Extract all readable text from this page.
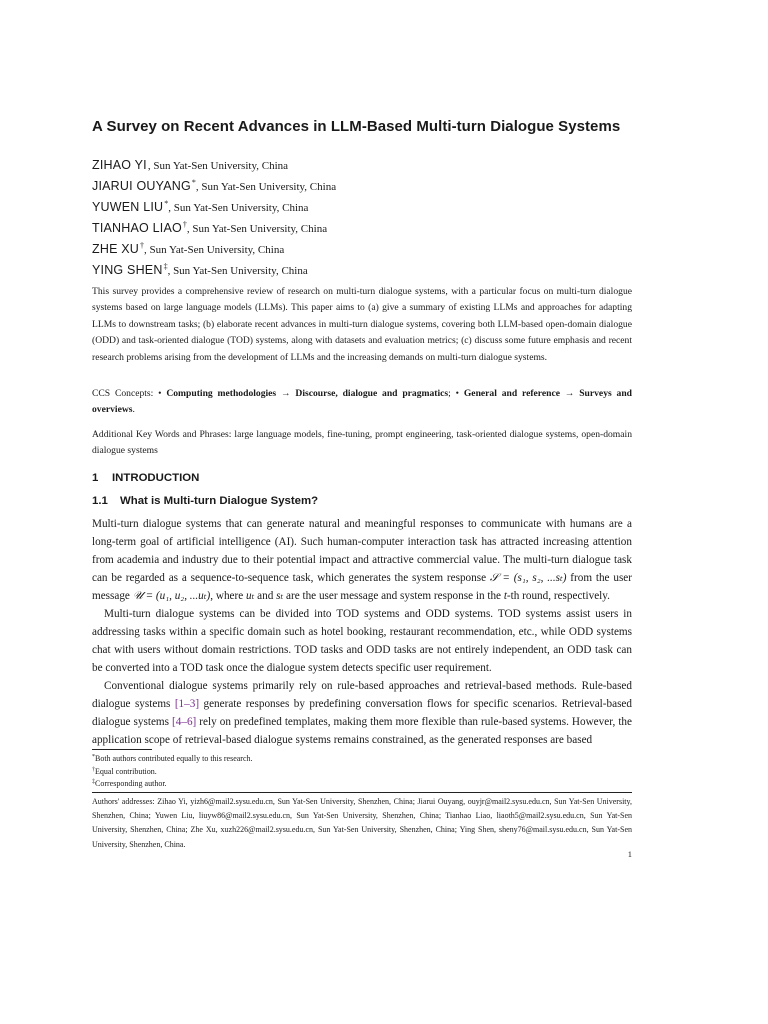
A Survey on Recent Advances in LLM-Based Multi-turn Dialogue Systems
ZIHAO YI, Sun Yat-Sen University, China
JIARUI OUYANG*, Sun Yat-Sen University, China
YUWEN LIU*, Sun Yat-Sen University, China
TIANHAO LIAO†, Sun Yat-Sen University, China
ZHE XU†, Sun Yat-Sen University, China
YING SHEN‡, Sun Yat-Sen University, China

This survey provides a comprehensive review of research on multi-turn dialogue systems, with a particular focus on multi-turn dialogue systems based on large language models (LLMs). This paper aims to (a) give a summary of existing LLMs and approaches for adapting LLMs to downstream tasks; (b) elaborate recent advances in multi-turn dialogue systems, covering both LLM-based open-domain dialogue (ODD) and task-oriented dialogue (TOD) systems, along with datasets and evaluation metrics; (c) discuss some future emphasis and recent research problems arising from the development of LLMs and the increasing demands on multi-turn dialogue systems.

CCS Concepts: • Computing methodologies → Discourse, dialogue and pragmatics; • General and reference → Surveys and overviews.

Additional Key Words and Phrases: large language models, fine-tuning, prompt engineering, task-oriented dialogue systems, open-domain dialogue systems

1 INTRODUCTION
1.1 What is Multi-turn Dialogue System?

Multi-turn dialogue systems that can generate natural and meaningful responses to communicate with humans are a long-term goal of artificial intelligence (AI). Such human-computer interaction task has attracted increasing attention from academia and industry due to their potential impact and attractive commercial value. The multi-turn dialogue task can be regarded as a sequence-to-sequence task, which generates the system response 𝒮 = (s₁, s₂, ...sₜ) from the user message 𝒰 = (u₁, u₂, ...uₜ), where uₜ and sₜ are the user message and system response in the t-th round, respectively.

Multi-turn dialogue systems can be divided into TOD systems and ODD systems. TOD systems assist users in addressing tasks within a specific domain such as hotel booking, restaurant recommendation, etc., while ODD systems chat with users without domain restrictions. TOD tasks and ODD tasks are not entirely independent, an ODD task can be converted into a TOD task once the dialogue system detects specific user requirement.

Conventional dialogue systems primarily rely on rule-based approaches and retrieval-based methods. Rule-based dialogue systems [1–3] generate responses by predefining conversation flows for specific scenarios. Retrieval-based dialogue systems [4–6] rely on predefined templates, making them more flexible than rule-based systems. However, the application scope of retrieval-based dialogue systems remains constrained, as the generated responses are based

*Both authors contributed equally to this research.
†Equal contribution.
‡Corresponding author.

Authors' addresses: Zihao Yi, yizh6@mail2.sysu.edu.cn, Sun Yat-Sen University, Shenzhen, China; Jiarui Ouyang, ouyjr@mail2.sysu.edu.cn, Sun Yat-Sen University, Shenzhen, China; Yuwen Liu, liuyw86@mail2.sysu.edu.cn, Sun Yat-Sen University, Shenzhen, China; Tianhao Liao, liaoth5@mail2.sysu.edu.cn, Sun Yat-Sen University, Shenzhen, China; Zhe Xu, xuzh226@mail2.sysu.edu.cn, Sun Yat-Sen University, Shenzhen, China; Ying Shen, sheny76@mail.sysu.edu.cn, Sun Yat-Sen University, Shenzhen, China.

1
